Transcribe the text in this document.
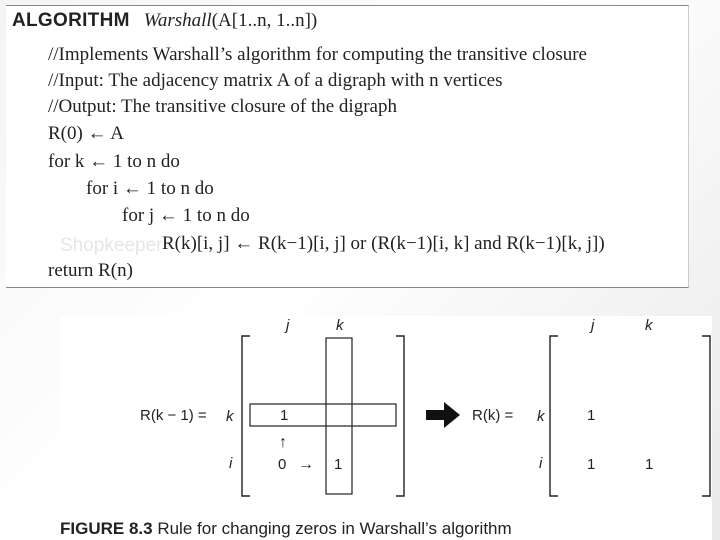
ALGORITHM Warshall(A[1..n, 1..n])
//Implements Warshall’s algorithm for computing the transitive closure
//Input: The adjacency matrix A of a digraph with n vertices
//Output: The transitive closure of the digraph
R(0) ← A
for k ← 1 to n do
for i ← 1 to n do
for j ← 1 to n do
Shopkeeper R(k)[i, j] ← R(k−1)[i, j] or (R(k−1)[i, k] and R(k−1)[k, j])
return R(n)
j	k
R(k − 1) = k
i
1
↑
0 → 1
j	k
R(k) = k
i
1
1	1
FIGURE 8.3 Rule for changing zeros in Warshall’s algorithm
